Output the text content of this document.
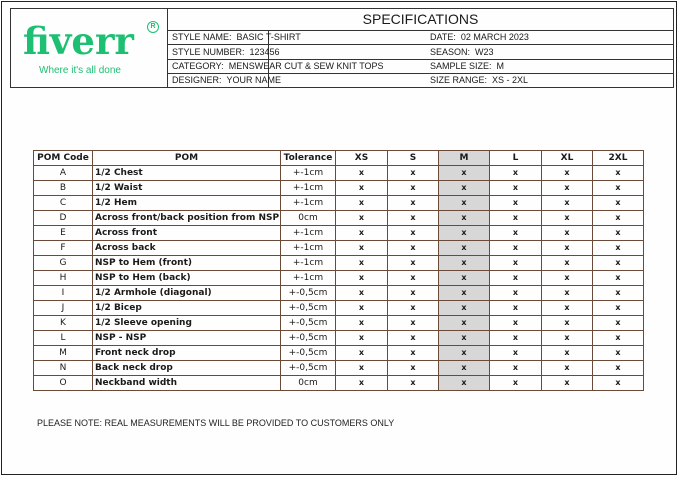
fiverr	R
Where it's all done
SPECIFICATIONS
STYLE NAME: BASIC T-SHIRT	DATE: 02 MARCH 2023
STYLE NUMBER: 123456	SEASON: W23
CATEGORY: MENSWEAR CUT & SEW KNIT TOPS	SAMPLE SIZE: M
DESIGNER: YOUR NAME	SIZE RANGE: XS - 2XL
POM Code	POM	Tolerance	XS	S	M	L	XL	2XL
A	1/2 Chest	+-1cm	x	x	x	x	x	x
B	1/2 Waist	+-1cm	x	x	x	x	x	x
C	1/2 Hem	+-1cm	x	x	x	x	x	x
D	Across front/back position from NSP	0cm	x	x	x	x	x	x
E	Across front	+-1cm	x	x	x	x	x	x
F	Across back	+-1cm	x	x	x	x	x	x
G	NSP to Hem (front)	+-1cm	x	x	x	x	x	x
H	NSP to Hem (back)	+-1cm	x	x	x	x	x	x
I	1/2 Armhole (diagonal)	+-0,5cm	x	x	x	x	x	x
J	1/2 Bicep	+-0,5cm	x	x	x	x	x	x
K	1/2 Sleeve opening	+-0,5cm	x	x	x	x	x	x
L	NSP - NSP	+-0,5cm	x	x	x	x	x	x
M	Front neck drop	+-0,5cm	x	x	x	x	x	x
N	Back neck drop	+-0,5cm	x	x	x	x	x	x
O	Neckband width	0cm	x	x	x	x	x	x
PLEASE NOTE: REAL MEASUREMENTS WILL BE PROVIDED TO CUSTOMERS ONLY
